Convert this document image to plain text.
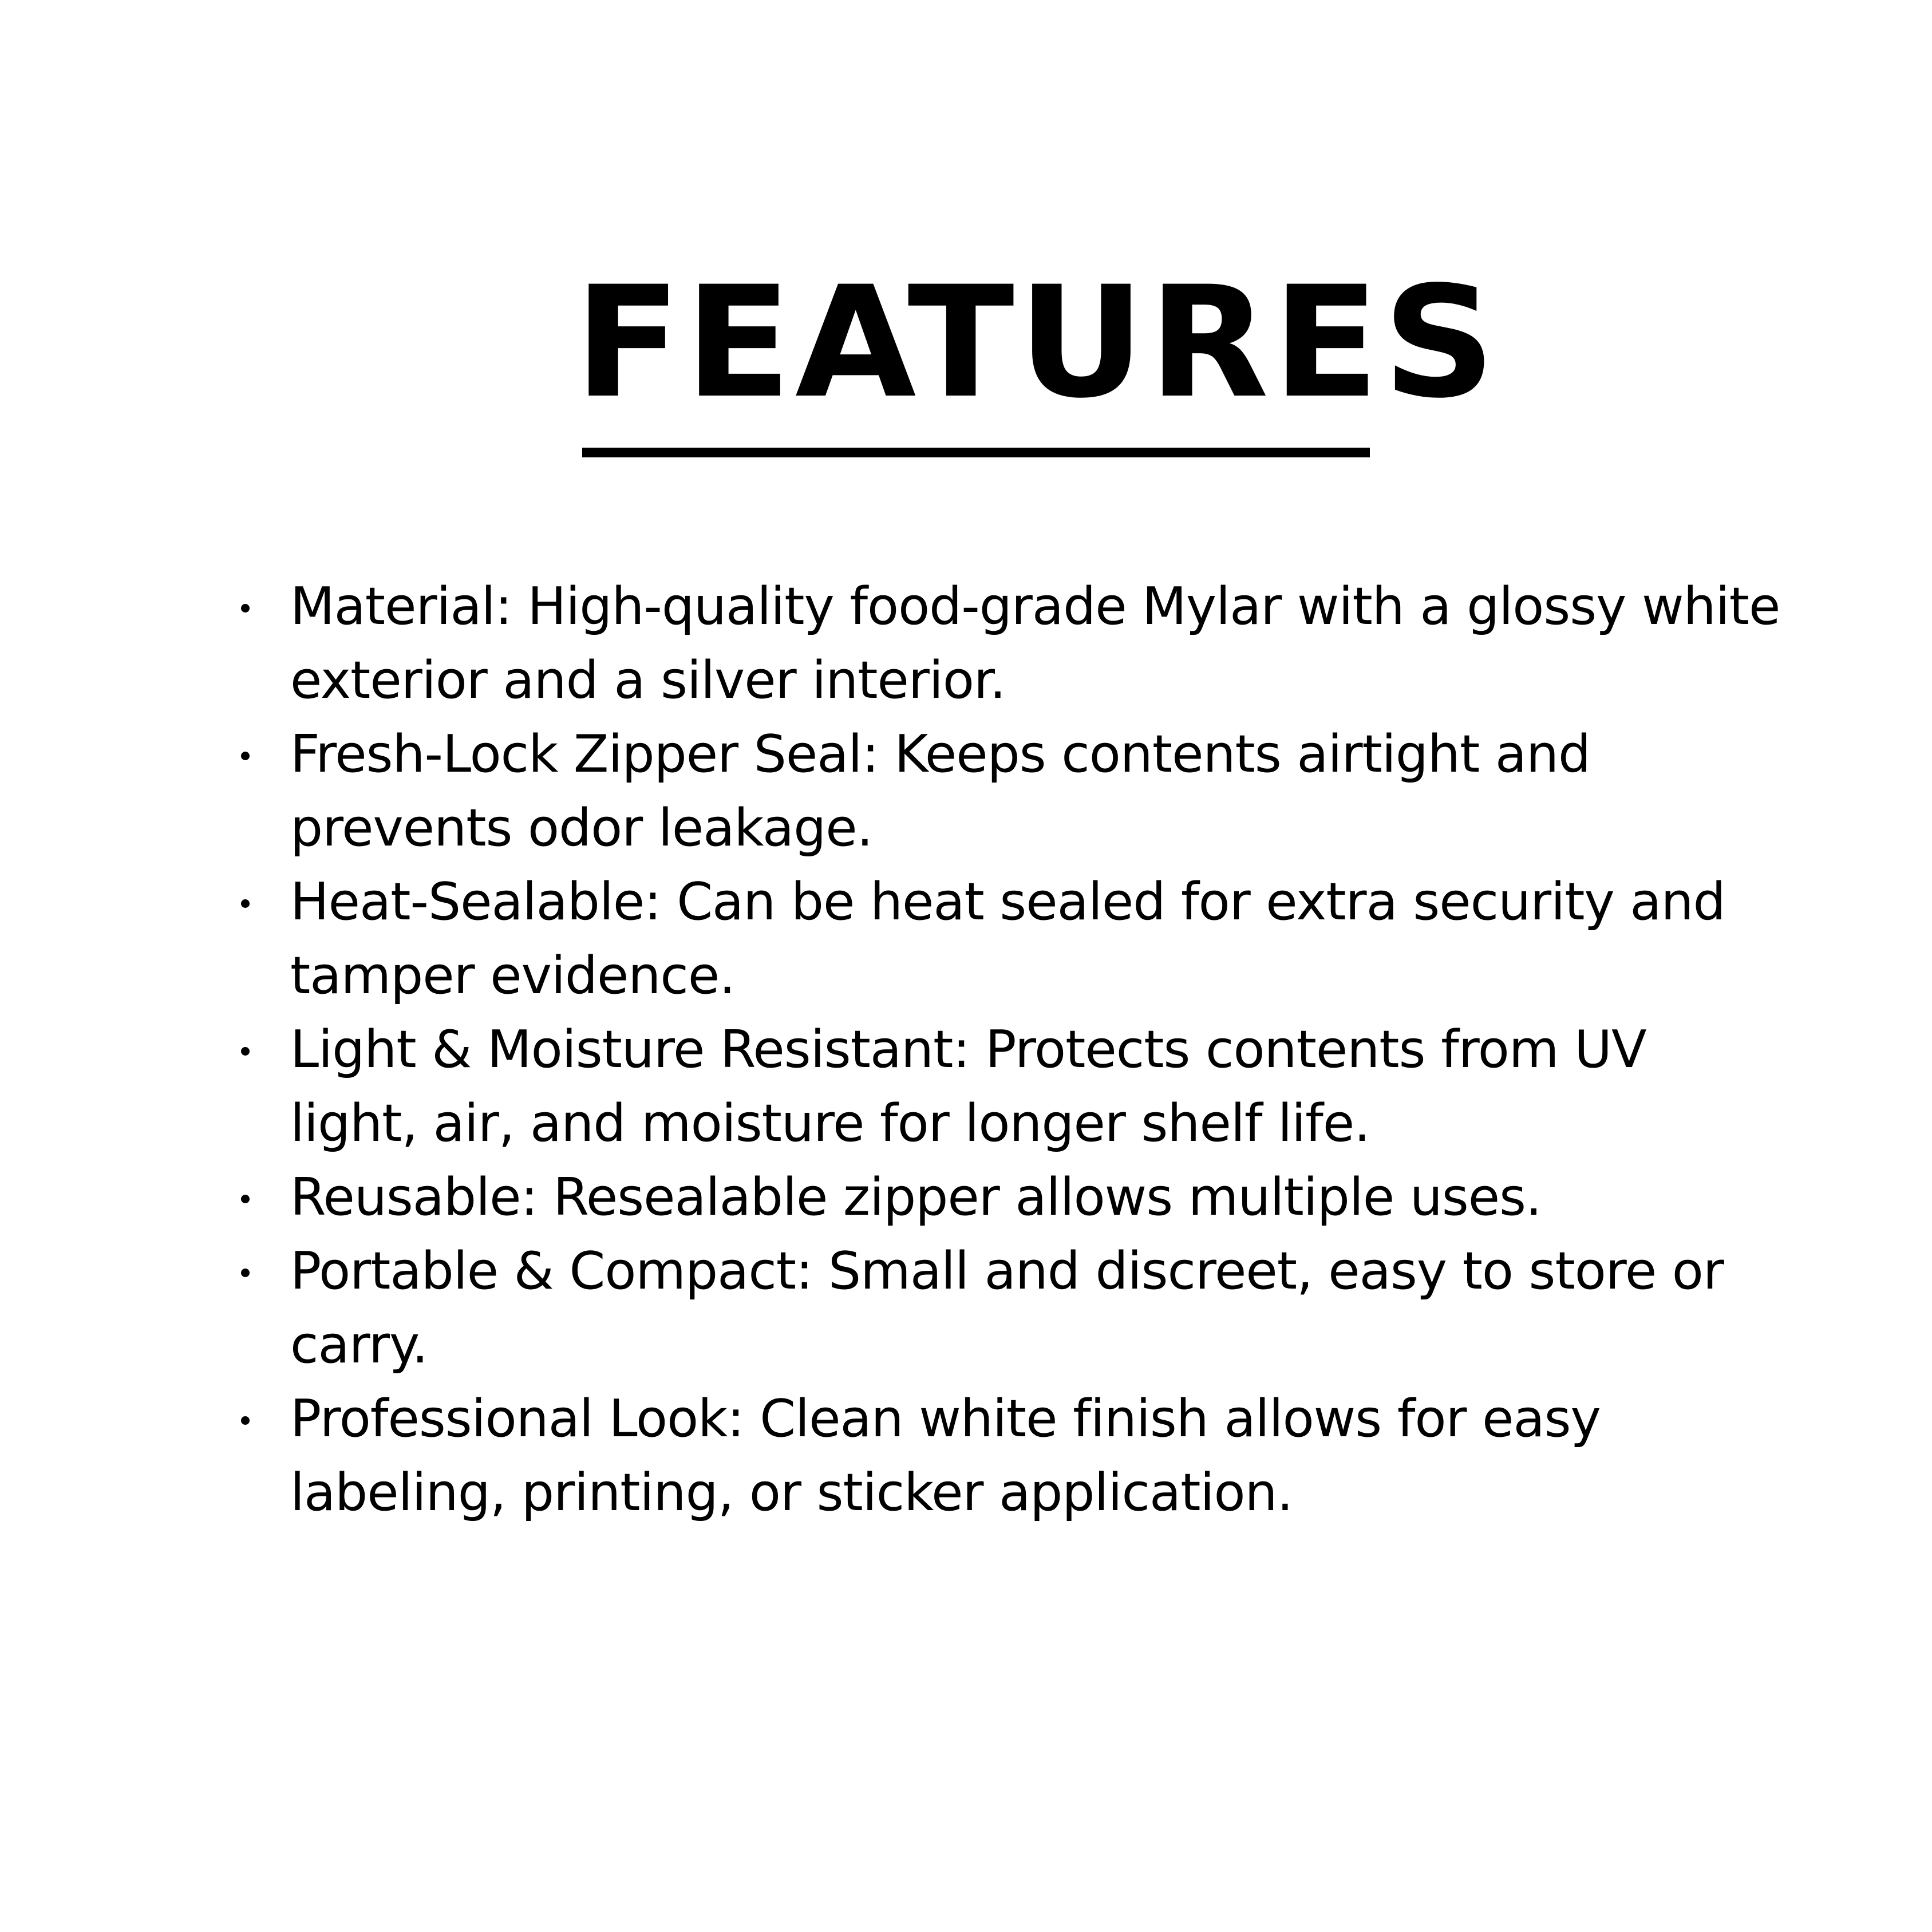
FEATURES
Material: High-quality food-grade Mylar with a glossy white exterior and a silver interior.
Fresh-Lock Zipper Seal: Keeps contents airtight and prevents odor leakage.
Heat-Sealable: Can be heat sealed for extra security and tamper evidence.
Light & Moisture Resistant: Protects contents from UV light, air, and moisture for longer shelf life.
Reusable: Resealable zipper allows multiple uses.
Portable & Compact: Small and discreet, easy to store or carry.
Professional Look: Clean white finish allows for easy labeling, printing, or sticker application.
